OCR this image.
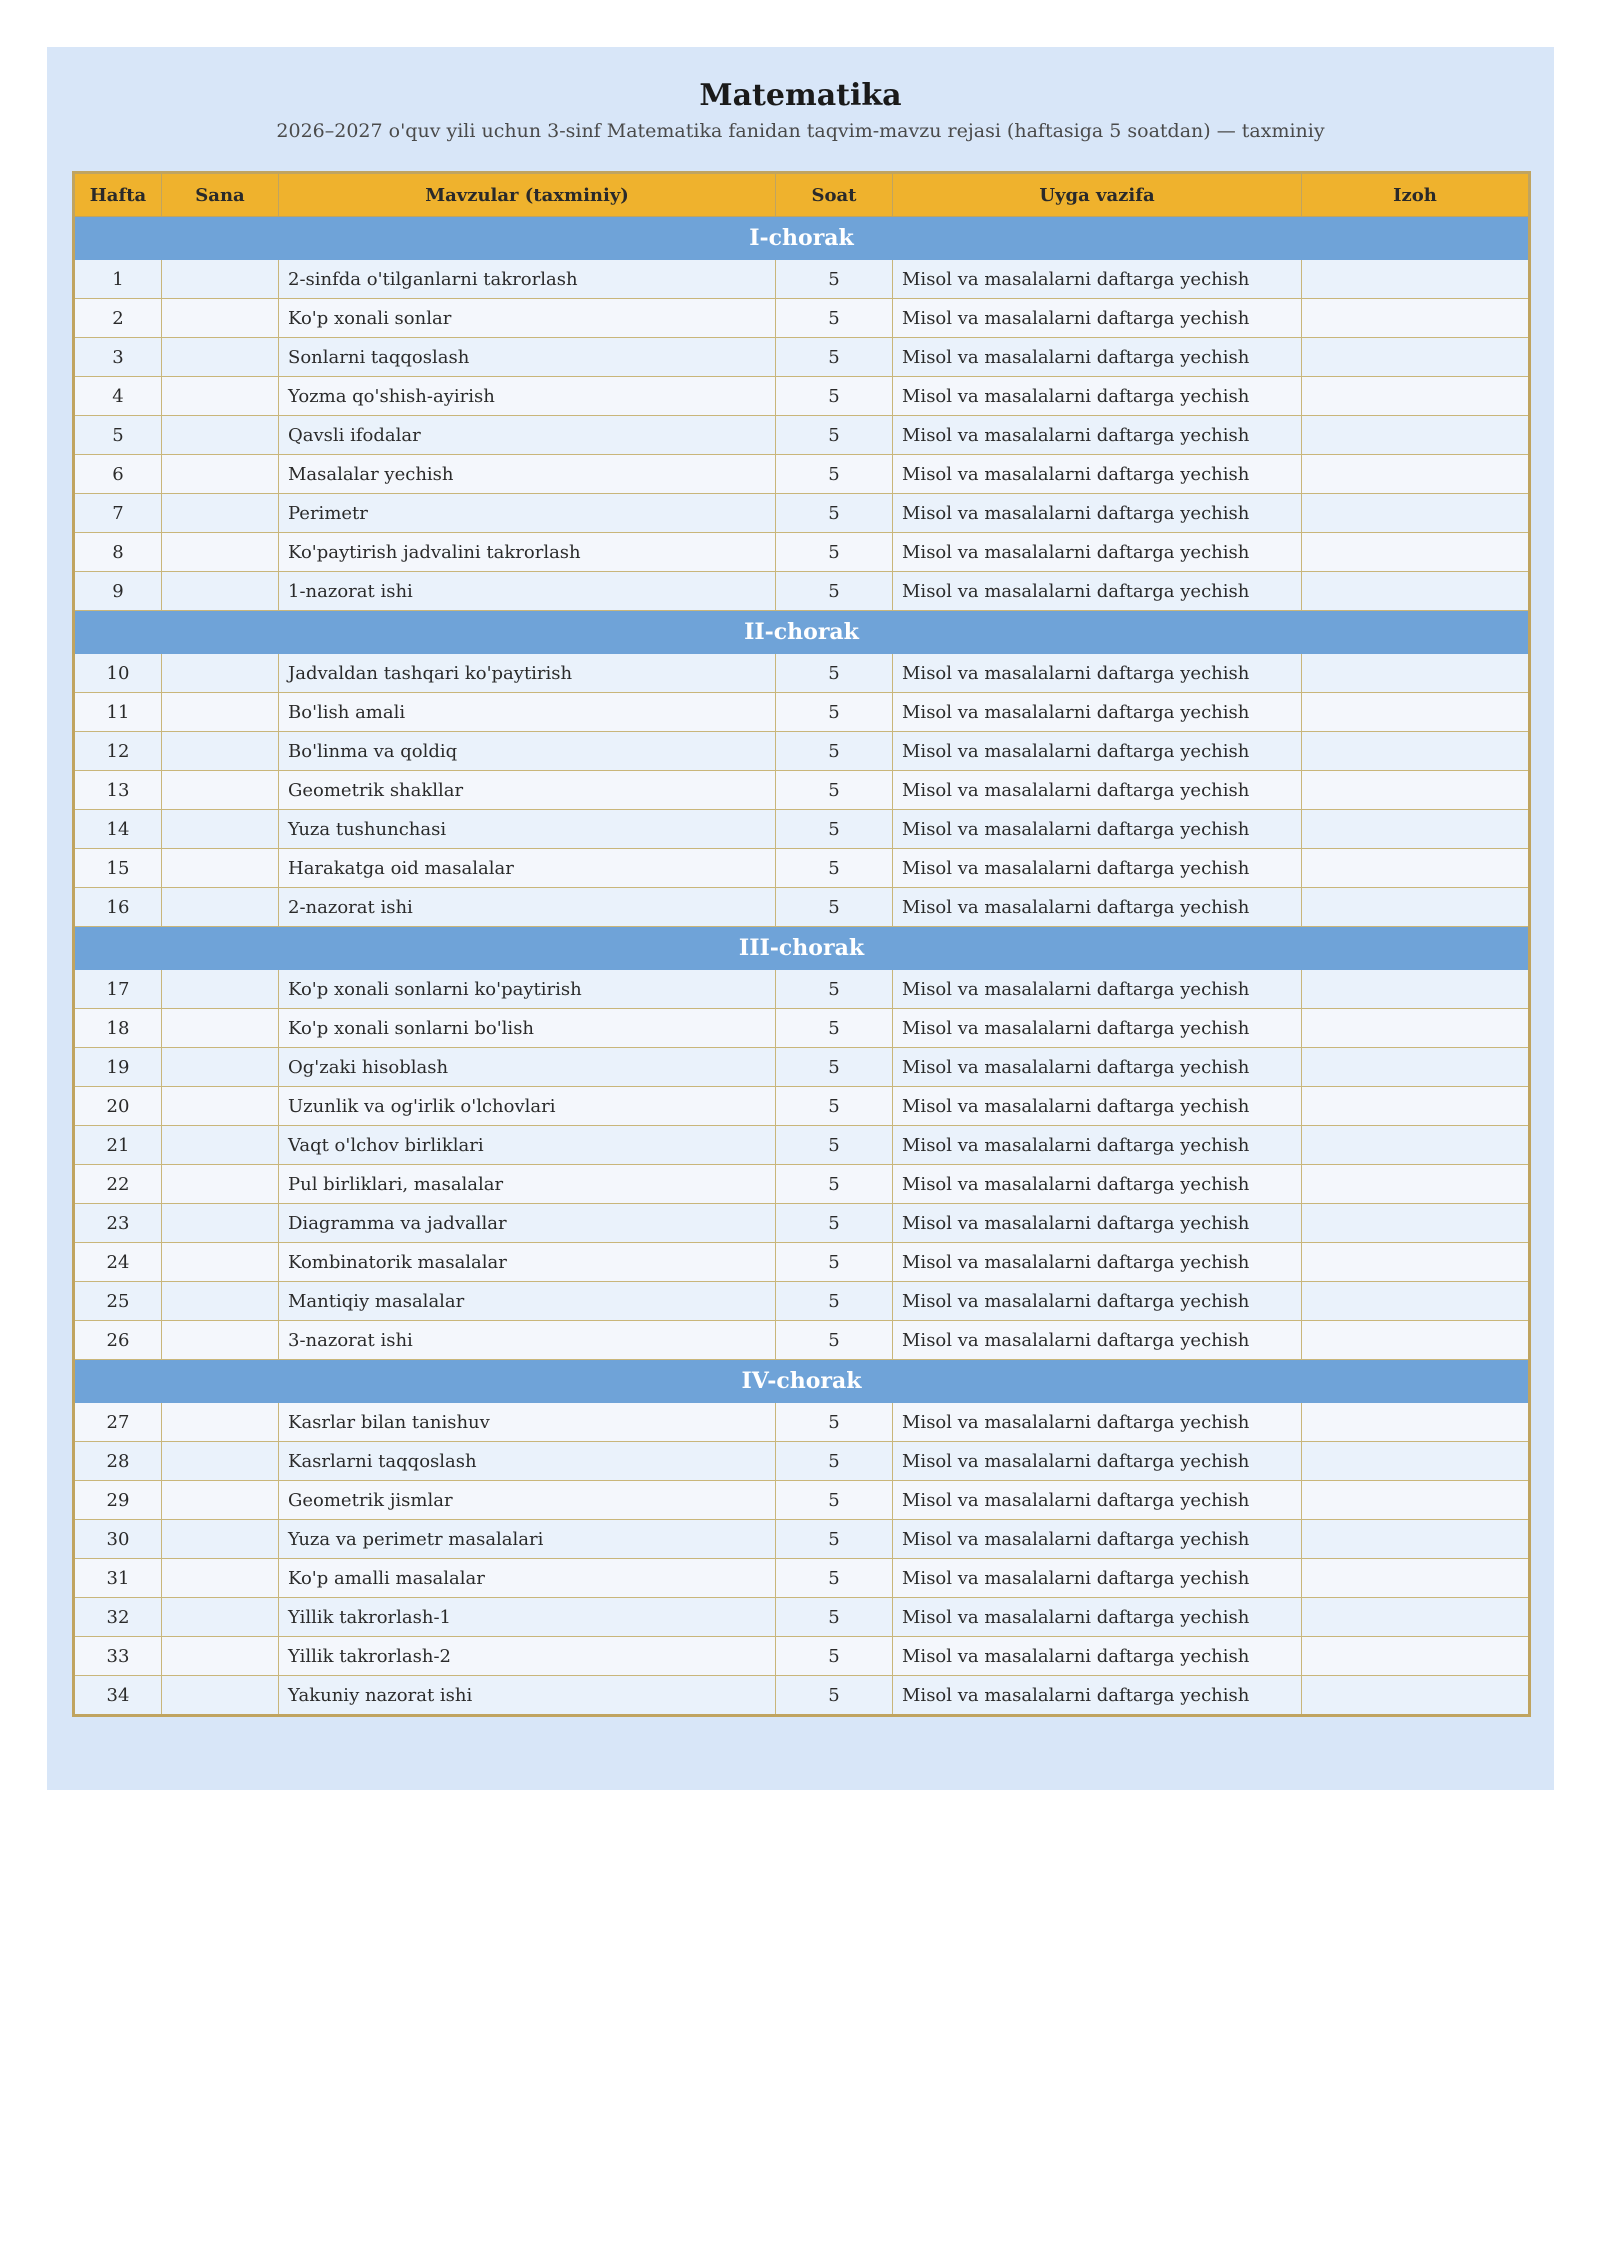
Matematika
2026–2027 o'quv yili uchun 3-sinf Matematika fanidan taqvim-mavzu rejasi (haftasiga 5 soatdan) — taxminiy
Hafta	Sana	Mavzular (taxminiy)	Soat	Uyga vazifa	Izoh
I-chorak					
1		2-sinfda o'tilganlarni takrorlash	5	Misol va masalalarni daftarga yechish	
2		Ko'p xonali sonlar	5	Misol va masalalarni daftarga yechish	
3		Sonlarni taqqoslash	5	Misol va masalalarni daftarga yechish	
4		Yozma qo'shish-ayirish	5	Misol va masalalarni daftarga yechish	
5		Qavsli ifodalar	5	Misol va masalalarni daftarga yechish	
6		Masalalar yechish	5	Misol va masalalarni daftarga yechish	
7		Perimetr	5	Misol va masalalarni daftarga yechish	
8		Ko'paytirish jadvalini takrorlash	5	Misol va masalalarni daftarga yechish	
9		1-nazorat ishi	5	Misol va masalalarni daftarga yechish	
II-chorak					
10		Jadvaldan tashqari ko'paytirish	5	Misol va masalalarni daftarga yechish	
11		Bo'lish amali	5	Misol va masalalarni daftarga yechish	
12		Bo'linma va qoldiq	5	Misol va masalalarni daftarga yechish	
13		Geometrik shakllar	5	Misol va masalalarni daftarga yechish	
14		Yuza tushunchasi	5	Misol va masalalarni daftarga yechish	
15		Harakatga oid masalalar	5	Misol va masalalarni daftarga yechish	
16		2-nazorat ishi	5	Misol va masalalarni daftarga yechish	
III-chorak					
17		Ko'p xonali sonlarni ko'paytirish	5	Misol va masalalarni daftarga yechish	
18		Ko'p xonali sonlarni bo'lish	5	Misol va masalalarni daftarga yechish	
19		Og'zaki hisoblash	5	Misol va masalalarni daftarga yechish	
20		Uzunlik va og'irlik o'lchovlari	5	Misol va masalalarni daftarga yechish	
21		Vaqt o'lchov birliklari	5	Misol va masalalarni daftarga yechish	
22		Pul birliklari, masalalar	5	Misol va masalalarni daftarga yechish	
23		Diagramma va jadvallar	5	Misol va masalalarni daftarga yechish	
24		Kombinatorik masalalar	5	Misol va masalalarni daftarga yechish	
25		Mantiqiy masalalar	5	Misol va masalalarni daftarga yechish	
26		3-nazorat ishi	5	Misol va masalalarni daftarga yechish	
IV-chorak					
27		Kasrlar bilan tanishuv	5	Misol va masalalarni daftarga yechish	
28		Kasrlarni taqqoslash	5	Misol va masalalarni daftarga yechish	
29		Geometrik jismlar	5	Misol va masalalarni daftarga yechish	
30		Yuza va perimetr masalalari	5	Misol va masalalarni daftarga yechish	
31		Ko'p amalli masalalar	5	Misol va masalalarni daftarga yechish	
32		Yillik takrorlash-1	5	Misol va masalalarni daftarga yechish	
33		Yillik takrorlash-2	5	Misol va masalalarni daftarga yechish	
34		Yakuniy nazorat ishi	5	Misol va masalalarni daftarga yechish	
